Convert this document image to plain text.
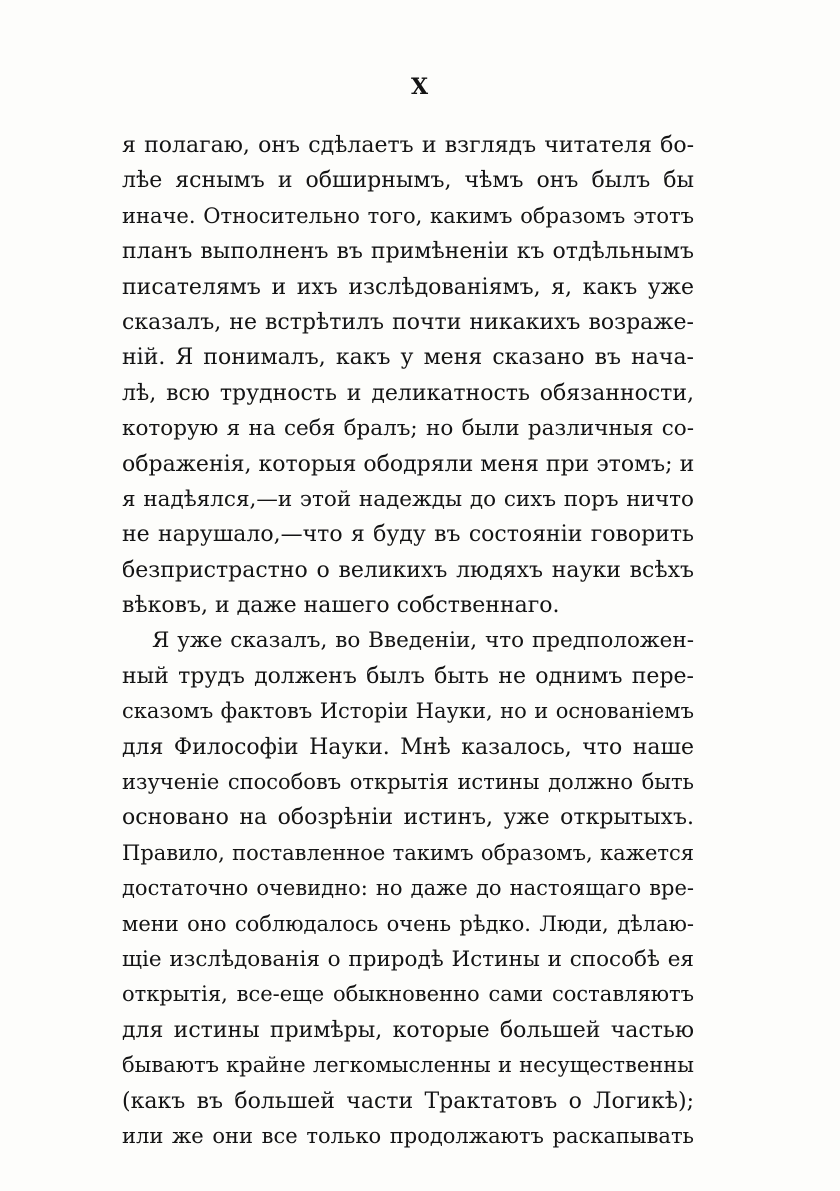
X
я полагаю, онъ сдѣлаетъ и взглядъ читателя бо-
лѣе яснымъ и обширнымъ, чѣмъ онъ былъ бы
иначе. Относительно того, какимъ образомъ этотъ
планъ выполненъ въ примѣненіи къ отдѣльнымъ
писателямъ и ихъ изслѣдованіямъ, я, какъ уже
сказалъ, не встрѣтилъ почти никакихъ возраже-
ній. Я понималъ, какъ у меня сказано въ нача-
лѣ, всю трудность и деликатность обязанности,
которую я на себя бралъ; но были различныя со-
ображенія, которыя ободряли меня при этомъ; и
я надѣялся,—и этой надежды до сихъ поръ ничто
не нарушало,—что я буду въ состояніи говорить
безпристрастно о великихъ людяхъ науки всѣхъ
вѣковъ, и даже нашего собственнаго.
Я уже сказалъ, во Введеніи, что предположен-
ный трудъ долженъ былъ быть не однимъ пере-
сказомъ фактовъ Исторіи Науки, но и основаніемъ
для Философіи Науки. Мнѣ казалось, что наше
изученіе способовъ открытія истины должно быть
основано на обозрѣніи истинъ, уже открытыхъ.
Правило, поставленное такимъ образомъ, кажется
достаточно очевидно: но даже до настоящаго вре-
мени оно соблюдалось очень рѣдко. Люди, дѣлаю-
щіе изслѣдованія о природѣ Истины и способѣ ея
открытія, все-еще обыкновенно сами составляютъ
для истины примѣры, которые большей частью
бываютъ крайне легкомысленны и несущественны
(какъ въ большей части Трактатовъ о Логикѣ);
или же они все только продолжаютъ раскапывать
